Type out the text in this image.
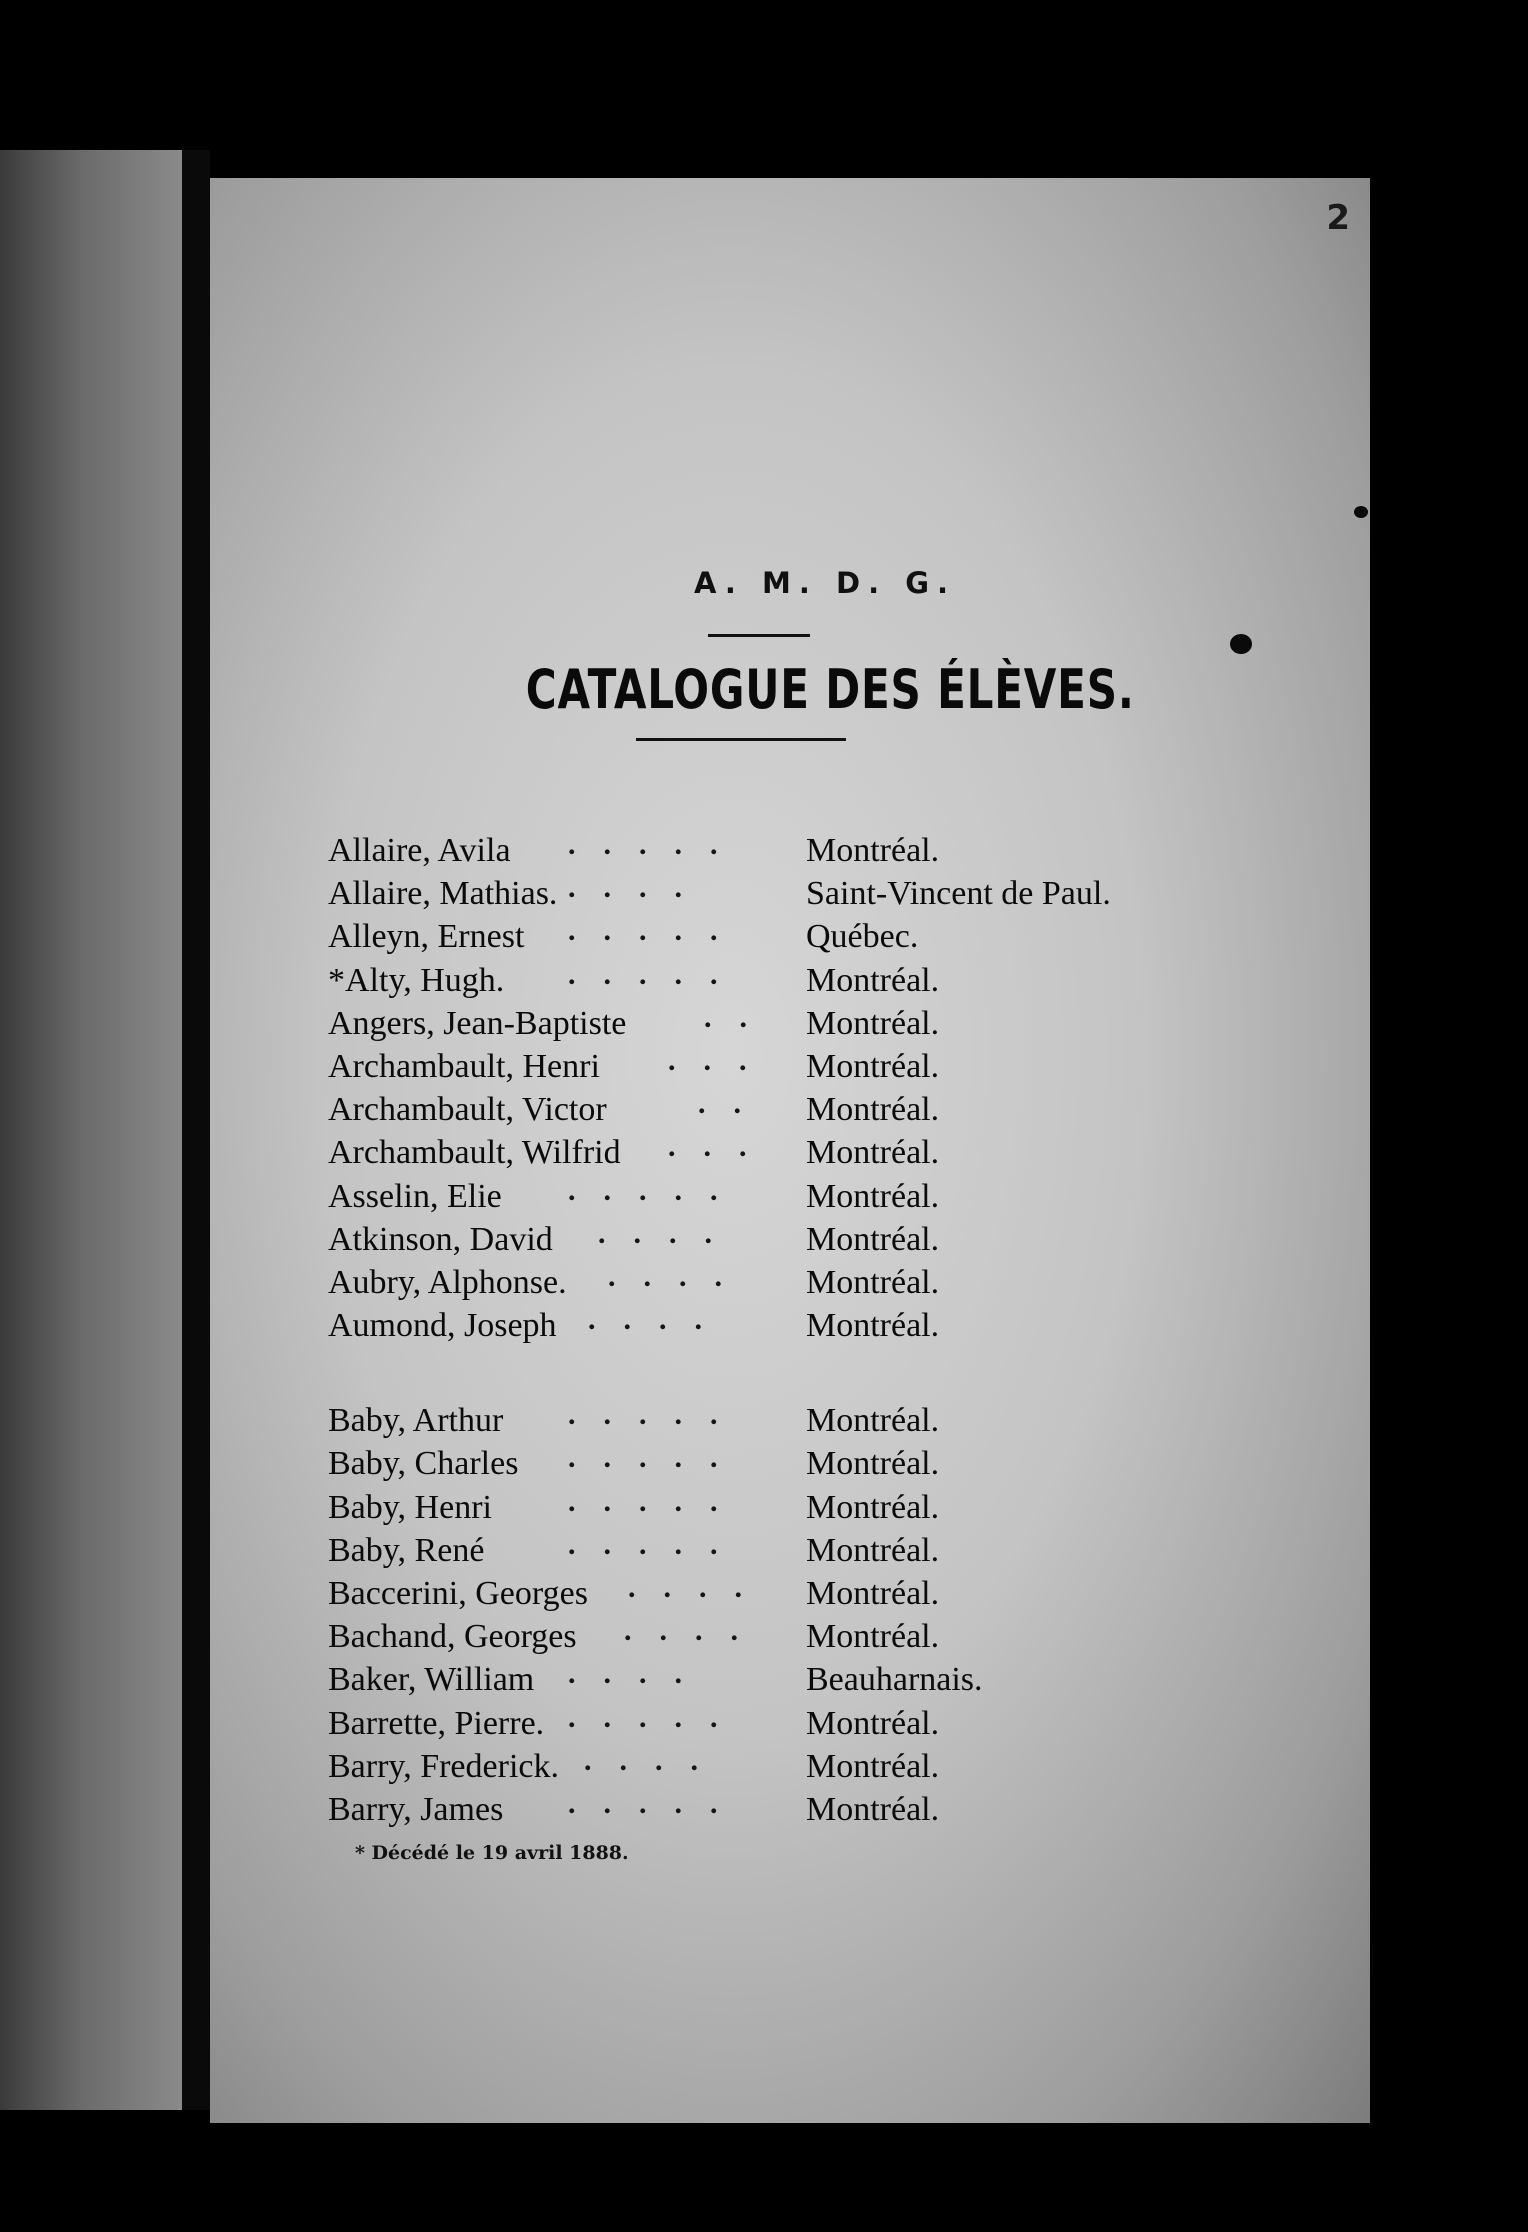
2
A. M. D. G.
CATALOGUE DES ÉLÈVES.
Allaire, Avila ..... Montréal.
Allaire, Mathias. ....	Saint-Vincent de Paul.
Alleyn, Ernest ..... Québec.
*Alty, Hugh. ..... Montréal.
Angers, Jean-Baptiste	.. Montréal.
Archambault, Henri ... Montréal.
Archambault, Victor	.. Montréal.
Archambault, Wilfrid ... Montréal.
Asselin, Elie ..... Montréal.
Atkinson, David .... Montréal.
Aubry, Alphonse. .... Montréal.
Aumond, Joseph .... Montréal.
Baby, Arthur ..... Montréal.
Baby, Charles ..... Montréal.
Baby, Henri	..... Montréal.
Baby, René	..... Montréal.
Baccerini, Georges .... Montréal.
Bachand, Georges .... Montréal.
Baker, William ....	Beauharnais.
Barrette, Pierre. ..... Montréal.
Barry, Frederick. .... Montréal.
Barry, James ..... Montréal.
* Décédé le 19 avril 1888.
